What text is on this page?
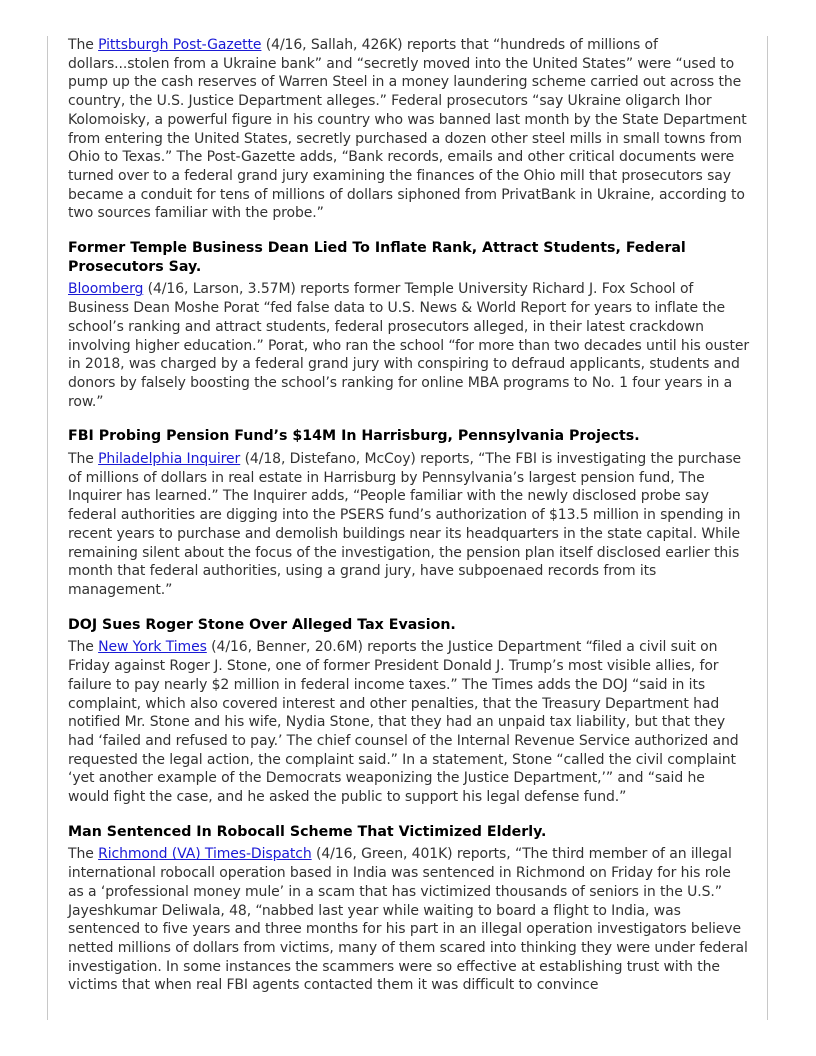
The Pittsburgh Post-Gazette (4/16, Sallah, 426K) reports that “hundreds of millions of dollars...stolen from a Ukraine bank” and “secretly moved into the United States” were “used to pump up the cash reserves of Warren Steel in a money laundering scheme carried out across the country, the U.S. Justice Department alleges.” Federal prosecutors “say Ukraine oligarch Ihor Kolomoisky, a powerful figure in his country who was banned last month by the State Department from entering the United States, secretly purchased a dozen other steel mills in small towns from Ohio to Texas.” The Post-Gazette adds, “Bank records, emails and other critical documents were turned over to a federal grand jury examining the finances of the Ohio mill that prosecutors say became a conduit for tens of millions of dollars siphoned from PrivatBank in Ukraine, according to two sources familiar with the probe.”

Former Temple Business Dean Lied To Inflate Rank, Attract Students, Federal Prosecutors Say.

Bloomberg (4/16, Larson, 3.57M) reports former Temple University Richard J. Fox School of Business Dean Moshe Porat “fed false data to U.S. News & World Report for years to inflate the school’s ranking and attract students, federal prosecutors alleged, in their latest crackdown involving higher education.” Porat, who ran the school “for more than two decades until his ouster in 2018, was charged by a federal grand jury with conspiring to defraud applicants, students and donors by falsely boosting the school’s ranking for online MBA programs to No. 1 four years in a row.”

FBI Probing Pension Fund’s $14M In Harrisburg, Pennsylvania Projects.

The Philadelphia Inquirer (4/18, Distefano, McCoy) reports, “The FBI is investigating the purchase of millions of dollars in real estate in Harrisburg by Pennsylvania’s largest pension fund, The Inquirer has learned.” The Inquirer adds, “People familiar with the newly disclosed probe say federal authorities are digging into the PSERS fund’s authorization of $13.5 million in spending in recent years to purchase and demolish buildings near its headquarters in the state capital. While remaining silent about the focus of the investigation, the pension plan itself disclosed earlier this month that federal authorities, using a grand jury, have subpoenaed records from its management.”

DOJ Sues Roger Stone Over Alleged Tax Evasion.

The New York Times (4/16, Benner, 20.6M) reports the Justice Department “filed a civil suit on Friday against Roger J. Stone, one of former President Donald J. Trump’s most visible allies, for failure to pay nearly $2 million in federal income taxes.” The Times adds the DOJ “said in its complaint, which also covered interest and other penalties, that the Treasury Department had notified Mr. Stone and his wife, Nydia Stone, that they had an unpaid tax liability, but that they had ‘failed and refused to pay.’ The chief counsel of the Internal Revenue Service authorized and requested the legal action, the complaint said.” In a statement, Stone “called the civil complaint ‘yet another example of the Democrats weaponizing the Justice Department,’” and “said he would fight the case, and he asked the public to support his legal defense fund.”

Man Sentenced In Robocall Scheme That Victimized Elderly.

The Richmond (VA) Times-Dispatch (4/16, Green, 401K) reports, “The third member of an illegal international robocall operation based in India was sentenced in Richmond on Friday for his role as a ‘professional money mule’ in a scam that has victimized thousands of seniors in the U.S.” Jayeshkumar Deliwala, 48, “nabbed last year while waiting to board a flight to India, was sentenced to five years and three months for his part in an illegal operation investigators believe netted millions of dollars from victims, many of them scared into thinking they were under federal investigation. In some instances the scammers were so effective at establishing trust with the victims that when real FBI agents contacted them it was difficult to convince
